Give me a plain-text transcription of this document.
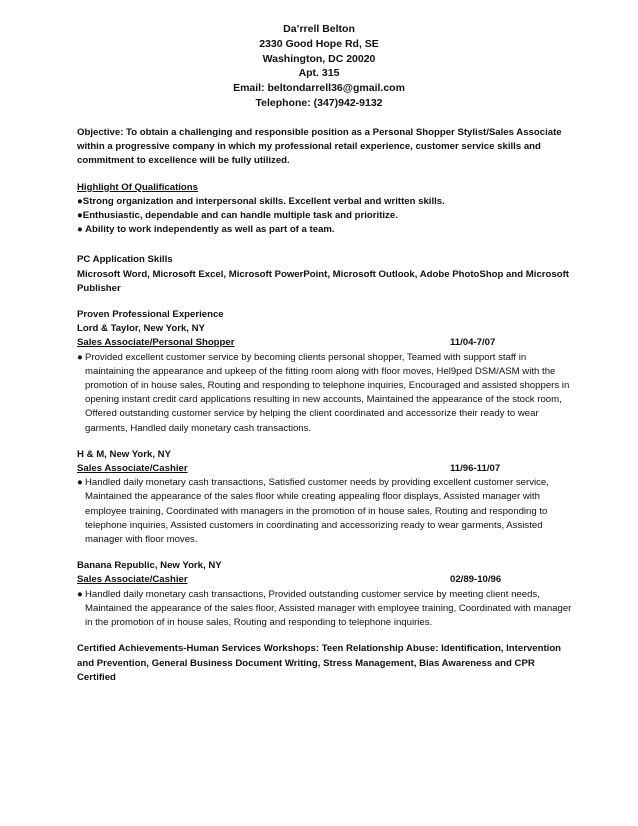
Da’rrell Belton
2330 Good Hope Rd, SE
Washington, DC 20020
Apt. 315
Email: beltondarrell36@gmail.com
Telephone: (347)942-9132

Objective: To obtain a challenging and responsible position as a Personal Shopper Stylist/Sales Associate within a progressive company in which my professional retail experience, customer service skills and commitment to excellence will be fully utilized.

Highlight Of Qualifications
●Strong organization and interpersonal skills. Excellent verbal and written skills.
●Enthusiastic, dependable and can handle multiple task and prioritize.
● Ability to work independently as well as part of a team.
PC Application Skills

Microsoft Word, Microsoft Excel, Microsoft PowerPoint, Microsoft Outlook, Adobe PhotoShop and Microsoft Publisher

Proven Professional Experience
Lord & Taylor, New York, NY
Sales Associate/Personal Shopper	11/04-7/07
● Provided excellent customer service by becoming clients personal shopper, Teamed with support staff in maintaining the appearance and upkeep of the fitting room along with floor moves, Hel9ped DSM/ASM with the promotion of in house sales, Routing and responding to telephone inquiries, Encouraged and assisted shoppers in opening instant credit card applications resulting in new accounts, Maintained the appearance of the stock room, Offered outstanding customer service by helping the client coordinated and accessorize their ready to wear garments, Handled daily monetary cash transactions.
H & M, New York, NY
Sales Associate/Cashier	11/96-11/07
● Handled daily monetary cash transactions, Satisfied customer needs by providing excellent customer service, Maintained the appearance of the sales floor while creating appealing floor displays, Assisted manager with employee training, Coordinated with managers in the promotion of in house sales, Routing and responding to telephone inquiries, Assisted customers in coordinating and accessorizing ready to wear garments, Assisted manager with floor moves.
Banana Republic, New York, NY
Sales Associate/Cashier	02/89-10/96
● Handled daily monetary cash transactions, Provided outstanding customer service by meeting client needs, Maintained the appearance of the sales floor, Assisted manager with employee training, Coordinated with manager in the promotion of in house sales, Routing and responding to telephone inquiries.

Certified Achievements-Human Services Workshops: Teen Relationship Abuse: Identification, Intervention and Prevention, General Business Document Writing, Stress Management, Bias Awareness and CPR Certified
